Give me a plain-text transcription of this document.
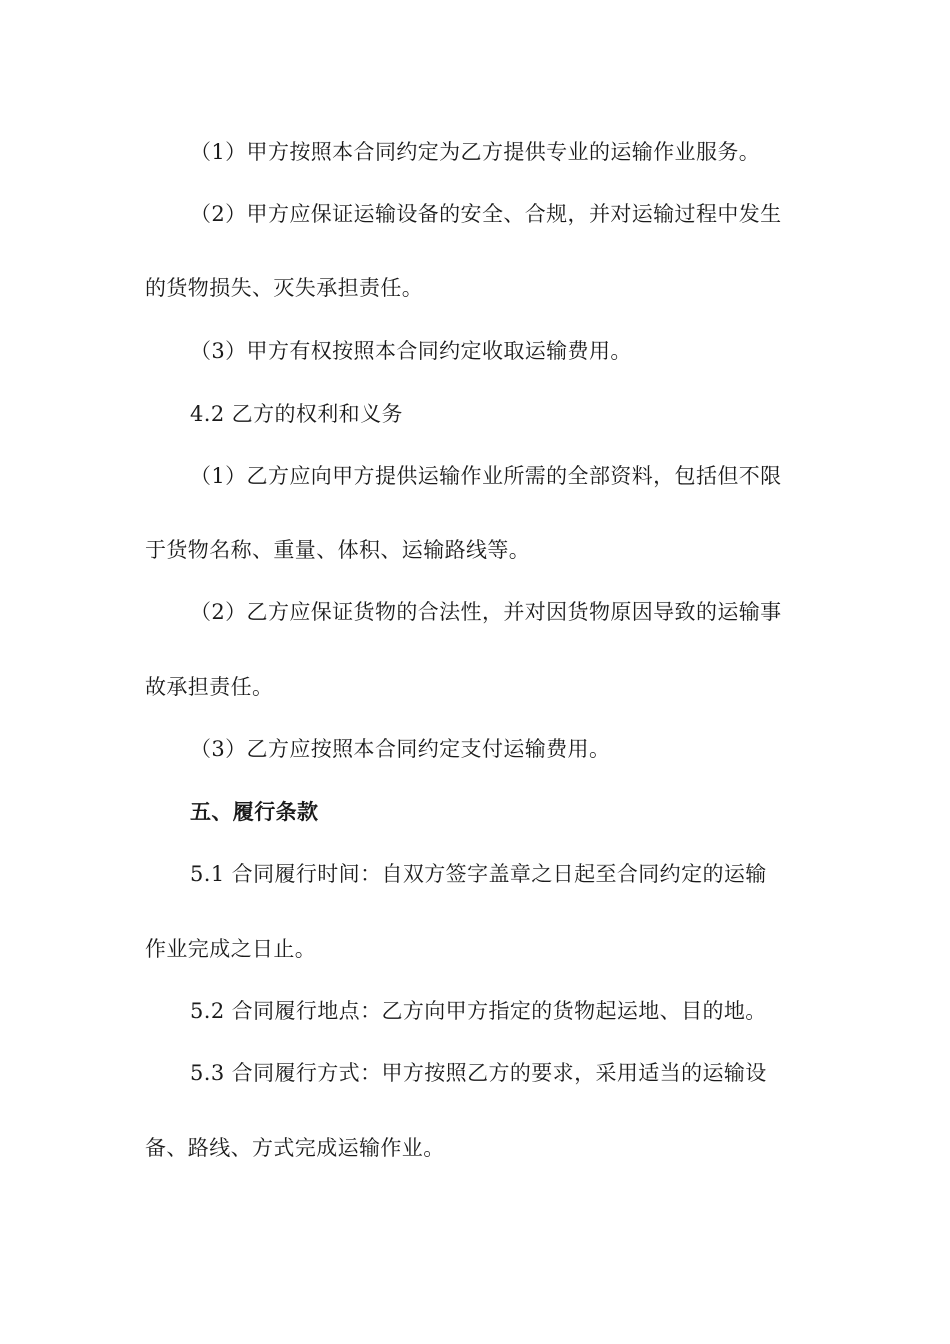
（1）甲方按照本合同约定为乙方提供专业的运输作业服务。
（2）甲方应保证运输设备的安全、合规，并对运输过程中发生
的货物损失、灭失承担责任。
（3）甲方有权按照本合同约定收取运输费用。
4.2 乙方的权利和义务
（1）乙方应向甲方提供运输作业所需的全部资料，包括但不限
于货物名称、重量、体积、运输路线等。
（2）乙方应保证货物的合法性，并对因货物原因导致的运输事
故承担责任。
（3）乙方应按照本合同约定支付运输费用。
五、履行条款
5.1 合同履行时间：自双方签字盖章之日起至合同约定的运输
作业完成之日止。
5.2 合同履行地点：乙方向甲方指定的货物起运地、目的地。
5.3 合同履行方式：甲方按照乙方的要求，采用适当的运输设
备、路线、方式完成运输作业。
